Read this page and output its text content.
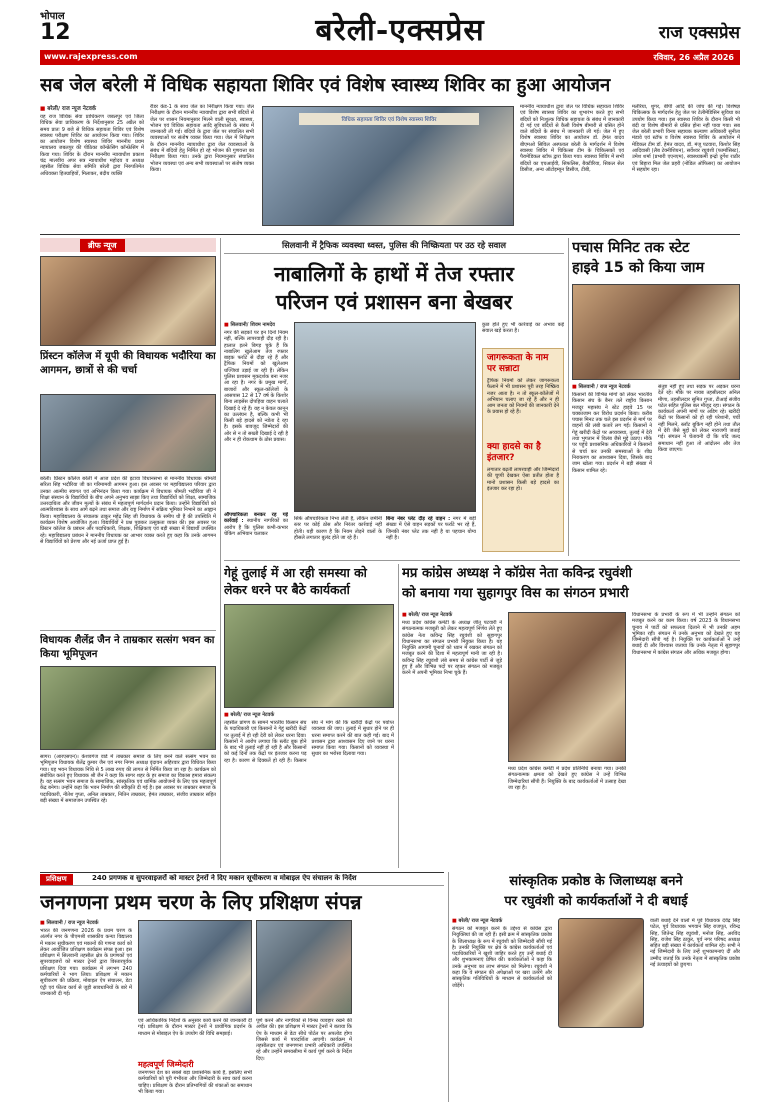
भोपाल
12	बरेली-एक्सप्रेस	राज एक्सप्रेस
www.rajexpress.com	रविवार, 26 अप्रैल 2026
सब जेल बरेली में विधिक सहायता शिविर एवं विशेष स्वास्थ्य शिविर का हुआ आयोजन
■ बरेली/ राज न्यूज नेटवर्क
यह राज विधिक सेवा प्राधिकरण जबलपुर एवं जिला विधिक सेवा प्राधिकरण के निर्देशानुसार 25 अप्रैल को समय प्रातः 9 बजे से विधिक सहायता शिविर एवं विशेष स्वास्थ्य परीक्षण शिविर का आयोजन किया गया। शिविर का आयोजन विशेष स्वास्थ्य शिविर माननीय प्रथम न्यायालय जबलपुर की पीठिका कॉन्फ्रेंसिंग कॉन्फ्रेंसिंग में किया गया। शिविर के दौरान माननीय न्यायाधीश प्रकाश चंद्र मालवीय अपर सत्र न्यायाधीश महोदय व अध्यक्ष तहसील विधिक सेवा समिति बरेली द्वारा निरुपतिमेत अधिवक्ता हितग्राहियों, मिलाकर, बंदीय व्यक्ति
रीडर केड-1 के साथ जेल का निरीक्षण किया गया। जेल निरीक्षण के दौरान माननीय न्यायाधीश द्वारा सभी बंदियों से जेल पर शासन नियमानुसार मिलने वाली सुरक्षा, स्वास्थ्य, भोजन एवं विधिक सहायता आदि सुविधाओं के संबंध में जानकारी ली गई। बंदियों के द्वारा जेल पर संचालित सभी व्यवस्थाओं पर संतोष व्यक्त किया गया। जेल में निरीक्षण के दौरान माननीय न्यायाधीश द्वारा जेल व्यवस्थाओं के संबंध में बंदियों हेतु निर्मित हो रहे भोजन की गुणवत्ता का निरीक्षण किया गया। उनके द्वारा नियमानुसार संचालित भोजन व्यवस्था एवं अन्य सभी व्यवस्थाओं पर संतोष व्यक्त किया।
विधिक सहायता शिविर एवं विशेष स्वास्थ्य शिविर
माननीय न्यायाधीश द्वारा जेल पर विधिक सहायता शिविर एवं विशेष स्वास्थ्य शिविर का शुभारंभ करते हुए सभी बंदियों को निःशुल्क विधिक सहायता के संबंध में जानकारी दी गई एवं बंदियों से कैसी विशेष बीमारी से ग्रसित होने वाले बंदियों के संबंध में जानकारी ली गई। जेल में हुए विशेष स्वास्थ्य शिविर का आयोजन डॉ. हेमंत यादव बीएमओ सिविल अस्पताल बरेली के मार्गदर्शन में विशेष स्वास्थ्य शिविर में चिकित्सा टीम के चिकित्सकों एवं पैरामेडिकल स्टॉफ द्वारा किया गया। स्वास्थ्य शिविर में सभी बंदियों का एचआईवी, सिफलिस, बैक्टीरिया, सिकल सेल डिसीज, अन्य ऑटोइम्यून डिसीज, टीबी,
मलेरिया, शुगर, बीपी आदि की जांच की गई। विशेषज्ञ चिकित्सक के मार्गदर्शन हेतु जेल पर टेलीमेडिसिन सुविधा का उपयोग किया गया। इस स्वास्थ्य शिविर के दौरान किसी भी बंदी या विशेष बीमारी से ग्रसित होना नहीं पाया गया। सब जेल बरेली प्रभारी विनय सहायक कल्याण अधिकारी सुनीता मंडावे एवं स्टॉफ व विशेष स्वास्थ्य शिविर के आयोजन में मेडिकल टीम डॉ. हेमंत यादव, डॉ. मंजू पटवारा, किशोर सिंह आदिवासी (लैब टेक्नीशियन), सर्वेश्वर रघुवंशी (फार्मासिस्ट), उमेश शर्मा (प्रभारी एएनएम), स्वास्थ्यकर्मी इन्द्रो दुर्गेश राठौर एवं बिहारा मिल जेल प्रहरी (नोडिल ऑफिसर) का आयोजन में सहयोग रहा।
ब्रीफ न्यूज
प्रिंस्टन कॉलेज में यूपी की विधायक भदौरिया का आगमन, छात्रों से की चर्चा
बरेली। प्रिंस्टन कॉलेज बरेली में आज प्रदेश की इटावा विधानसभा से माननीय विधायक श्रीमती सरिता सिंह भदौरिया जी का गरिमामयी आगमन हुआ। इस अवसर पर महाविद्यालय परिवार द्वारा उनका आत्मीय स्वागत एवं अभिनंदन किया गया। कार्यक्रम में विधायक श्रीमती भदौरिया जी ने शिक्षा संस्थान के विद्यार्थियों के बीच अपने अनुभव साझा किए तथा विद्यार्थियों को शिक्षा, सामाजिक उत्तरदायित्व और जीवन मूल्यों के संबंध में महत्वपूर्ण मार्गदर्शन प्रदान किया। उन्होंने विद्यार्थियों को आत्मविश्वास के साथ आगे बढ़ने तथा समाज और राष्ट्र निर्माण में सक्रिय भूमिका निभाने का आह्वान किया। महाविद्यालय के संचालक ठाकुर महेंद्र सिंह जी विधायक के समीप थी हैं की उपस्थिति में कार्यक्रम विशेष आयोजित हुआ। विद्यार्थियों ने प्रश्न पूछकर उत्सुकता व्यक्त की। इस अवसर पर प्रिंस्टन कॉलेज के प्रबंधन और पदाधिकारी, शिक्षक, शिक्षिकाएं एवं बड़ी संख्या में विद्यार्थी उपस्थित रहे। महाविद्यालय प्रबंधन ने माननीय विधायक का आभार व्यक्त करते हुए कहा कि उनके आगमन से विद्यार्थियों को प्रेरणा और नई ऊर्जा प्राप्त हुई है।
विधायक शैलेंद्र जैन ने ताम्रकार सत्संग भवन का किया भूमिपूजन
सागर। (आरएसएन)। केशवगंज वार्ड में ताम्रकार समाज के लिए बनने वाले सत्संग भवन का भूमिपूजन विधायक शैलेंद्र कुमार जैन एवं नगर निगम अध्यक्ष वृंदावन अहिरवार द्वारा विधिवत किया गया। यह भवन विधायक निधि से 5 लाख रुपए की लागत से निर्मित किया जा रहा है। कार्यक्रम को संबोधित करते हुए विधायक श्री जैन ने कहा कि सागर शहर के हर समाज का विकास हमारा संकल्प है। यह सत्संग भवन समाज के सामाजिक, सांस्कृतिक एवं धार्मिक आयोजनों के लिए एक महत्वपूर्ण केंद्र बनेगा। उन्होंने कहा कि भवन निर्माण की स्वीकृति दी गई है। इस अवसर पर ताम्रकार समाज के पदाधिकारी, नीतेश गुप्ता, अनिल ताम्रकार, नितिन ताम्रकार, हेमंत ताम्रकार, संजीव ताम्रकार सहित बड़ी संख्या में समाजजन उपस्थित रहे।
सिलवानी में ट्रैफिक व्यवस्था ध्वस्त, पुलिस की निष्क्रियता पर उठ रहे सवाल
नाबालिगों के हाथों में तेज रफ्तार
परिजन एवं प्रशासन बना बेखबर
■ सिलवानी/ शिवम नामदेव
नगर की सड़कों पर इन दिनों नियम नहीं, बल्कि लापरवाही दौड़ रही है। हालात इतने बिगड़ चुके हैं कि नाबालिग खुलेआम तेज रफ्तार बाइक फर्राटे से दौड़ा रहे हैं और ट्रैफिक नियमों को खुलेआम धज्जियां उड़ाई जा रही हैं। लेकिन पुलिस प्रशासन मूकदर्शक बना नजर आ रहा है। नगर के प्रमुख मार्गों, बाजारों और स्कूल-कॉलेजों के आसपास 12 से 17 वर्ष के किशोर बिना लाइसेंस दोपहिया वाहन चलाते दिखाई दे रहे हैं। यह न केवल कानून का उल्लंघन है, बल्कि कभी भी किसी बड़े हादसे को न्योता दे रहा है। इसके बावजूद जिम्मेदारों की ओर से न तो सख्ती दिखाई दे रही है और न ही रोकथाम के ठोस प्रयास।
औपचारिकता बनकर रह गई कार्रवाई : स्थानीय नागरिकों का आरोप है कि पुलिस कभी-कभार चेकिंग अभियान चलाकर
सिर्फ औपचारिकता निभा लेती है, लेकिन जमीनी स्तर पर कोई ठोस और निरंतर कार्रवाई नहीं होती। यही कारण है कि नियम तोड़ने वालों के हौसले लगातार बुलंद होते जा रहे हैं।
बिना नंबर प्लेट दौड़ रहे वाहन : नगर में बड़ी संख्या में ऐसे वाहन सड़कों पर फर्राटे भर रहे हैं, जिनकी नंबर प्लेट तक नहीं है या पहचान योग्य नहीं है।
कुछ होते हुए भी कार्रवाई का अभाव कई सवाल खड़े करता है।
जागरूकता के नाम पर सन्नाटा
ट्रैफिक नियमों को लेकर जागरूकता फैलाने में भी प्रशासन पूरी तरह निष्क्रिय नजर आता है। न तो स्कूल-कॉलेजों में अभियान चलाए जा रहे हैं और न ही आम जनता को नियमों की जानकारी देने के प्रयास हो रहे हैं।
क्या हादसे का है इंतजार?
लगातार बढ़ती लापरवाही और जिम्मेदारों की चुप्पी देखकर ऐसा प्रतीत होता है मानो प्रशासन किसी बड़े हादसे का इंतजार कर रहा हो।
पचास मिनिट तक स्टेट
हाइवे 15 को किया जाम
■ सिलवानी / राज न्यूज नेटवर्क
किसानों की विभिन्न मांगों को लेकर भारतीय किसान संघ के बैनर तले राष्ट्रीय किसान मजदूर महासंघ ने स्टेट हाइवे 15 पर चक्काजाम कर विरोध प्रदर्शन किया। करीब पचास मिनट तक चले इस प्रदर्शन से मार्ग पर वाहनों की लंबी कतारें लग गईं। किसानों ने गेहूं खरीदी केंद्रों पर अव्यवस्था, तुलाई में देरी तथा भुगतान में विलंब जैसे मुद्दे उठाए। मौके पर पहुंचे प्रशासनिक अधिकारियों ने किसानों से चर्चा कर उनकी समस्याओं के शीघ्र निराकरण का आश्वासन दिया, जिसके बाद जाम खोला गया। प्रदर्शन में बड़ी संख्या में किसान शामिल रहे।
संतुष्ट नहीं हुए तथा सड़क पर अड़कर धरना देते रहे। मौके पर नायब तहसीलदार अनिल मीणा, तहसीलदार सुमित गुप्ता, टीआई संजीव पटेल सहित पुलिस बल मौजूद रहा। संगठन के कार्यकर्ता अपनी मांगों पर अडिग रहे। खरीदी केंद्रों पर किसानों को हो रही परेशानी, पर्ची नहीं मिलने, स्लॉट बुकिंग नहीं होने तथा तौल में देरी जैसे मुद्दों को लेकर नाराजगी जताई गई। संगठन ने चेतावनी दी कि यदि जल्द समाधान नहीं हुआ तो आंदोलन और तेज किया जाएगा।
गेहूं तुलाई में आ रही समस्या को लेकर धरने पर बैठे कार्यकर्ता
■ बरेली/ राज न्यूज नेटवर्क
तहसील प्रांगण के सामने भारतीय किसान संघ के पदाधिकारी एवं किसानों ने गेहूं खरीदी केंद्रों पर तुलाई में हो रही देरी को लेकर धरना दिया। किसानों ने आरोप लगाया कि स्लॉट बुक होने के बाद भी तुलाई नहीं हो रही है और किसानों को कई दिनों तक केंद्रों पर इंतजार करना पड़ रहा है। कारण से दिक्कतें हो रही हैं। किसान संघ ने मांग की कि खरीदी केंद्रों पर पर्याप्त व्यवस्था की जाए। तुलाई में सुधार होने पर ही धरना समाप्त करने की बात कही गई। बाद में प्रशासन द्वारा आश्वासन दिए जाने पर धरना समाप्त किया गया। किसानों को व्यवस्था में सुधार का भरोसा दिलाया गया।
मप्र कांग्रेस अध्यक्ष ने कॉग्रेस नेता कविन्द्र रघुवंशी
को बनाया गया सुहागपुर विस का संगठन प्रभारी
■ बरेली/ राज न्यूज नेटवर्क
मध्य प्रदेश कांग्रेस कमेटी के अध्यक्ष जीतू पटवारी ने संगठनात्मक मजबूती को लेकर महत्वपूर्ण निर्णय लेते हुए कांग्रेस नेता कविन्द्र सिंह रघुवंशी को सुहागपुर विधानसभा का संगठन प्रभारी नियुक्त किया है। यह नियुक्ति आगामी चुनावों को ध्यान में रखकर संगठन को मजबूत करने की दिशा में महत्वपूर्ण मानी जा रही है। कविन्द्र सिंह रघुवंशी लंबे समय से कांग्रेस पार्टी से जुड़े हुए हैं और विभिन्न पदों पर रहकर संगठन को मजबूत करने में अपनी भूमिका निभा चुके हैं।
मध्य प्रदेश कांग्रेस कमेटी में प्रदेश प्रतिनिधि बनाया गया। उनकी संगठनात्मक क्षमता को देखते हुए कांग्रेस ने उन्हें विभिन्न जिम्मेदारियां सौंपी हैं। नियुक्ति के बाद कार्यकर्ताओं में उत्साह देखा जा रहा है।
विधानसभा के प्रभारी के रूप में भी उन्होंने संगठन को मजबूत करने का काम किया। वर्ष 2023 के विधानसभा चुनाव में पार्टी को सफलता दिलाने में भी उनकी अहम भूमिका रही। संगठन में उनके अनुभव को देखते हुए यह जिम्मेदारी सौंपी गई है। नियुक्ति पर कार्यकर्ताओं ने उन्हें बधाई दी और विश्वास जताया कि उनके नेतृत्व में सुहागपुर विधानसभा में कांग्रेस संगठन और अधिक मजबूत होगा।
प्रशिक्षण	240 प्रगणक व सुपरवाइजरों को मास्टर ट्रेनरों ने दिए मकान सूचीकरण व मोबाइल ऐप संचालन के निर्देश
जनगणना प्रथम चरण के लिए प्रशिक्षण संपन्न
■ सिलवानी / राज न्यूज नेटवर्क
भारत की जनगणना 2026 के प्रथम चरण के अंतर्गत नगर के पीएमश्री शासकीय कन्या विद्यालय में मकान सूचीकरण एवं मकानों की गणना कार्य को लेकर आयोजित प्रशिक्षण कार्यक्रम संपन्न हुआ। इस प्रशिक्षण में सिलवानी तहसील क्षेत्र के प्रगणकों एवं सुपरवाइजरों को मास्टर ट्रेनरों द्वारा विस्तारपूर्वक प्रशिक्षण दिया गया। कार्यक्रम में लगभग 240 कर्मचारियों ने भाग लिया। प्रशिक्षण में मकान सूचीकरण की प्रक्रिया, मोबाइल ऐप संचालन, डेटा एंट्री एवं फील्ड कार्य से जुड़ी सावधानियों के बारे में जानकारी दी गई।
एवं आधिकारिक निर्देशों के अनुसार कार्य करने की जानकारी दी गई। प्रशिक्षण के दौरान मास्टर ट्रेनरों ने प्रायोगिक प्रदर्शन के माध्यम से मोबाइल ऐप के उपयोग की विधि समझाई।
महत्वपूर्ण जिम्मेदारी
जनगणना देश का सबसे बड़ा प्रशासनिक कार्य है, इसलिए सभी कर्मचारियों को पूरी गंभीरता और जिम्मेदारी के साथ कार्य करना चाहिए। प्रशिक्षण के दौरान प्रतिभागियों की शंकाओं का समाधान भी किया गया।
पूर्ण करने और नागरिकों से विनम्र व्यवहार रखने की अपील की। इस प्रशिक्षण में मास्टर ट्रेनरों ने बताया कि ऐप के माध्यम से डेटा सीधे पोर्टल पर अपलोड होगा जिससे कार्य में पारदर्शिता आएगी। कार्यक्रम में तहसीलदार एवं जनगणना प्रभारी अधिकारी उपस्थित रहे और उन्होंने समयसीमा में कार्य पूर्ण करने के निर्देश दिए।
सांस्कृतिक प्रकोष्ठ के जिलाध्यक्ष बनने
पर रघुवंशी को कार्यकर्ताओं ने दी बधाई
■ बरेली/ राज न्यूज नेटवर्क
संगठन को मजबूत करने के उद्देश्य से कांग्रेस द्वारा नियुक्तियां की जा रही हैं। इसी क्रम में सांस्कृतिक प्रकोष्ठ के जिलाध्यक्ष के रूप में रघुवंशी को जिम्मेदारी सौंपी गई है। उनकी नियुक्ति पर क्षेत्र के कांग्रेस कार्यकर्ताओं एवं पदाधिकारियों ने खुशी जाहिर करते हुए उन्हें बधाई दी और शुभकामनाएं प्रेषित कीं। कार्यकर्ताओं ने कहा कि उनके अनुभव का लाभ संगठन को मिलेगा। रघुवंशी ने कहा कि वे संगठन की अपेक्षाओं पर खरा उतरेंगे और सांस्कृतिक गतिविधियों के माध्यम से कार्यकर्ताओं को जोड़ेंगे।
वाली बधाई देने वालों में पूर्व विधायक देवेंद्र सिंह पटेल, पूर्व विधायक भगवान सिंह राजपूत, रविन्द्र सिंह, जितेन्द्र सिंह रघुवंशी, मनोज सिंह, अरविंद सिंह, राजेश सिंह ठाकुर, पूर्व नगर परिषद अध्यक्ष सहित बड़ी संख्या में कार्यकर्ता शामिल रहे। सभी ने नई जिम्मेदारी के लिए उन्हें शुभकामनाएं दीं और उम्मीद जताई कि उनके नेतृत्व में सांस्कृतिक प्रकोष्ठ नई ऊंचाइयों को छुएगा।
